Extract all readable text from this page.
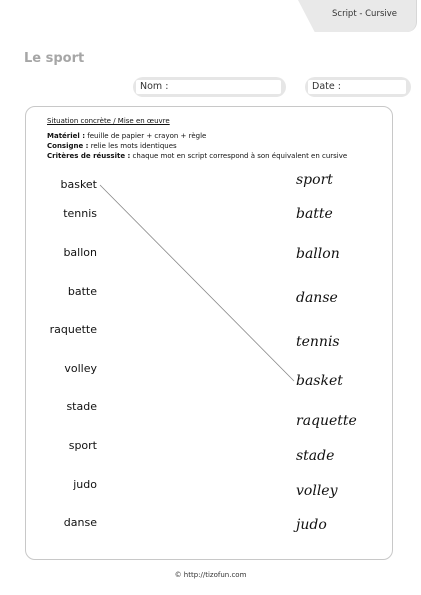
Script - Cursive
Le sport
Nom :	Date :
Situation concrète / Mise en œuvre
Matériel : feuille de papier + crayon + règle
Consigne : relie les mots identiques
Critères de réussite : chaque mot en script correspond à son équivalent en cursive
basket
tennis
ballon
batte
raquette
volley
stade
sport
judo
danse
sport
batte
ballon
danse
tennis
basket
raquette
stade
volley
judo
© http://tizofun.com
